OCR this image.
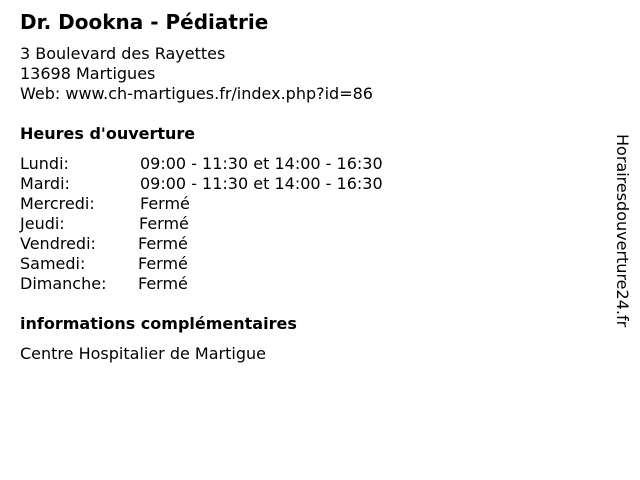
Dr. Dookna - Pédiatrie
3 Boulevard des Rayettes
13698 Martigues
Web: www.ch-martigues.fr/index.php?id=86
Heures d'ouverture
Lundi:	09:00 - 11:30 et 14:00 - 16:30
Mardi:	09:00 - 11:30 et 14:00 - 16:30
Mercredi:	Fermé
Jeudi:	Fermé
Vendredi:	Fermé
Samedi:	Fermé
Dimanche: Fermé
informations complémentaires
Centre Hospitalier de Martigue
Horairesdouverture24.fr
